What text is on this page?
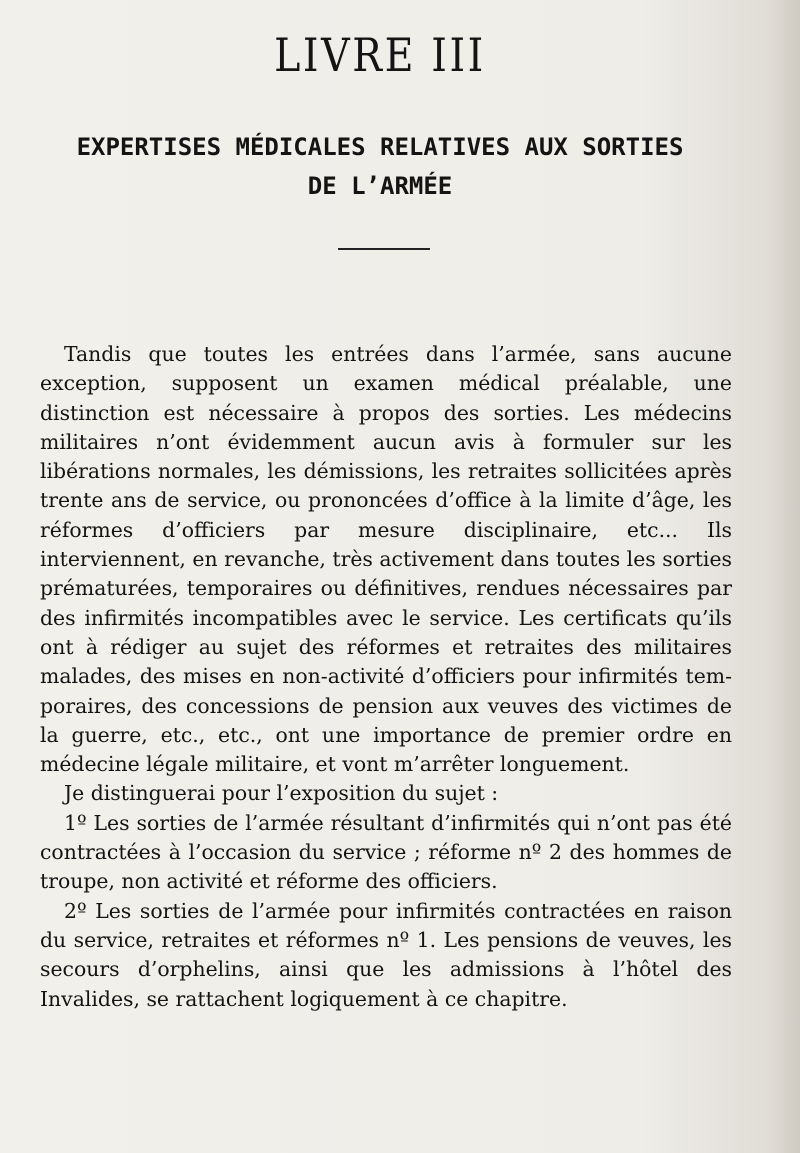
LIVRE III
EXPERTISES MÉDICALES RELATIVES AUX SORTIES
DE L’ARMÉE

Tandis que toutes les entrées dans l’armée, sans aucune exception, supposent un examen médical préalable, une distinction est nécessaire à propos des sorties. Les médecins militaires n’ont évidemment aucun avis à formuler sur les libérations normales, les démissions, les retraites sollicitées après trente ans de service, ou prononcées d’office à la limite d’âge, les réformes d’officiers par mesure disciplinaire, etc... Ils interviennent, en revanche, très activement dans toutes les sorties prématurées, temporaires ou définitives, rendues nécessaires par des infirmités incompatibles avec le service. Les certificats qu’ils ont à rédiger au sujet des réformes et retraites des militaires malades, des mises en non-activité d’officiers pour infirmités temporaires, des concessions de pension aux veuves des victimes de la guerre, etc., etc., ont une importance de premier ordre en médecine légale militaire, et vont m’arrêter longuement.

Je distinguerai pour l’exposition du sujet :

1º Les sorties de l’armée résultant d’infirmités qui n’ont pas été contractées à l’occasion du service ; réforme nº 2 des hommes de troupe, non activité et réforme des officiers.

2º Les sorties de l’armée pour infirmités contractées en raison du service, retraites et réformes nº 1. Les pensions de veuves, les secours d’orphelins, ainsi que les admissions à l’hôtel des Invalides, se rattachent logiquement à ce chapitre.
